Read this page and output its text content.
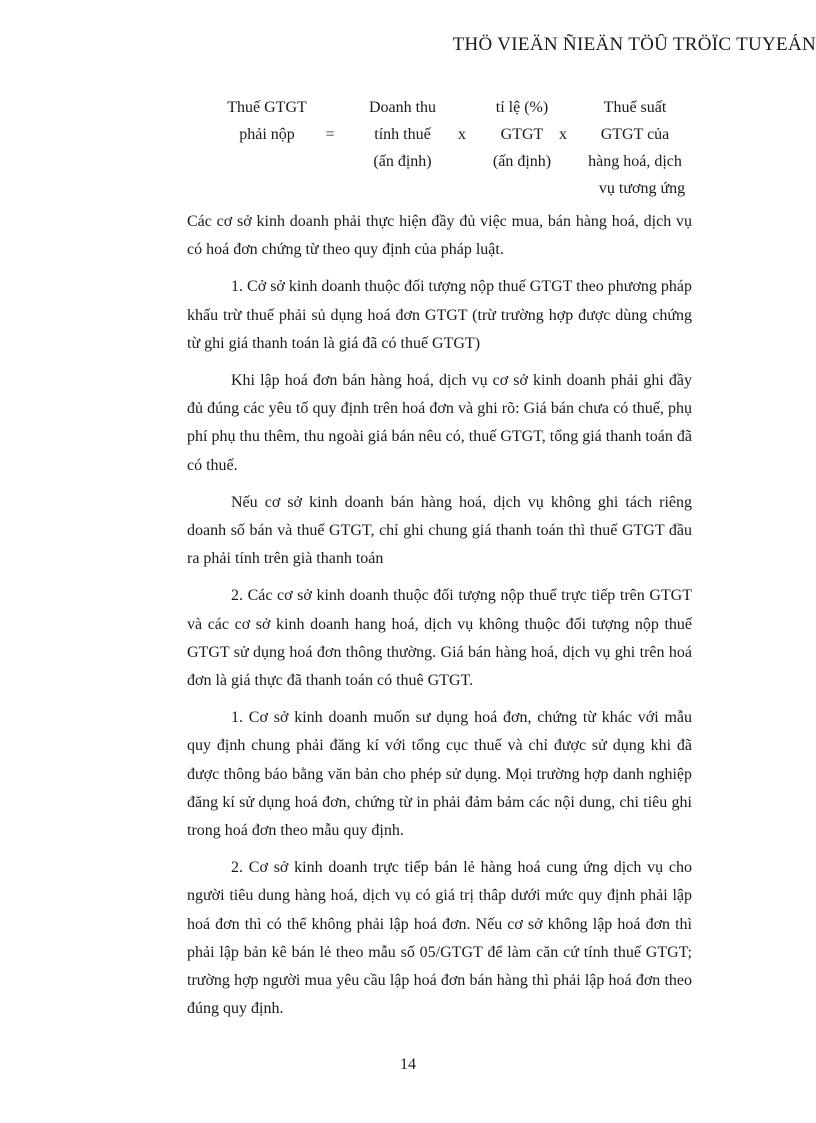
THÖ VIEÄN ÑIEÄN TÖÛ TRÖÏC TUYEÁN
Thuế GTGT
phải nộp	=
Doanh thu
tính thuế
(ấn định)
x
tỉ lệ (%)
GTGT
(ấn định)
x
Thuế suất
GTGT của
hàng hoá, dịch
vụ tương ứng

Các cơ sở kinh doanh phải thực hiện đầy đủ việc mua, bán hàng hoá, dịch vụ có hoá đơn chứng từ theo quy định của pháp luật.

1. Cở sở kinh doanh thuộc đối tượng nộp thuế GTGT theo phương pháp khấu trừ thuế phải sủ dụng hoá đơn GTGT (trừ trường hợp được dùng chứng từ ghi giá thanh toán là giá đã có thuế GTGT)

Khi lập hoá đơn bán hàng hoá, dịch vụ cơ sở kinh doanh phải ghi đầy đủ đúng các yêu tố quy định trên hoá đơn và ghi rõ: Giá bán chưa có thuế, phụ phí phụ thu thêm, thu ngoài giá bán nêu có, thuế GTGT, tổng giá thanh toán đã có thuế.

Nếu cơ sở kinh doanh bán hàng hoá, dịch vụ không ghi tách riêng doanh số bán và thuế GTGT, chỉ ghi chung giá thanh toán thì thuế GTGT đầu ra phải tính trên già thanh toán

2. Các cơ sở kinh doanh thuộc đối tượng nộp thuế trực tiếp trên GTGT và các cơ sở kinh doanh hang hoá, dịch vụ không thuộc đối tượng nộp thuế GTGT sử dụng hoá đơn thông thường. Giá bán hàng hoá, dịch vụ ghi trên hoá đơn là giá thực đã thanh toán có thuê GTGT.

1. Cơ sở kinh doanh muốn sư dụng hoá đơn, chứng từ khác với mẫu quy định chung phải đăng kí với tổng cục thuế và chỉ được sử dụng khi đã được thông báo bằng văn bản cho phép sử dụng. Mọi trường hợp danh nghiệp đăng kí sử dụng hoá đơn, chứng từ in phải đảm bảm các nội dung, chi tiêu ghi trong hoá đơn theo mẫu quy định.

2. Cơ sở kinh doanh trực tiếp bán lẻ hàng hoá cung ứng dịch vụ cho người tiêu dung hàng hoá, dịch vụ có giá trị thâp dưới mức quy định phải lập hoá đơn thì có thể không phải lập hoá đơn. Nếu cơ sở không lập hoá đơn thì phải lập bản kê bán lẻ theo mẫu số 05/GTGT để làm căn cứ tính thuế GTGT; trường hợp người mua yêu cầu lập hoá đơn bán hàng thì phải lập hoá đơn theo đúng quy định.

14
